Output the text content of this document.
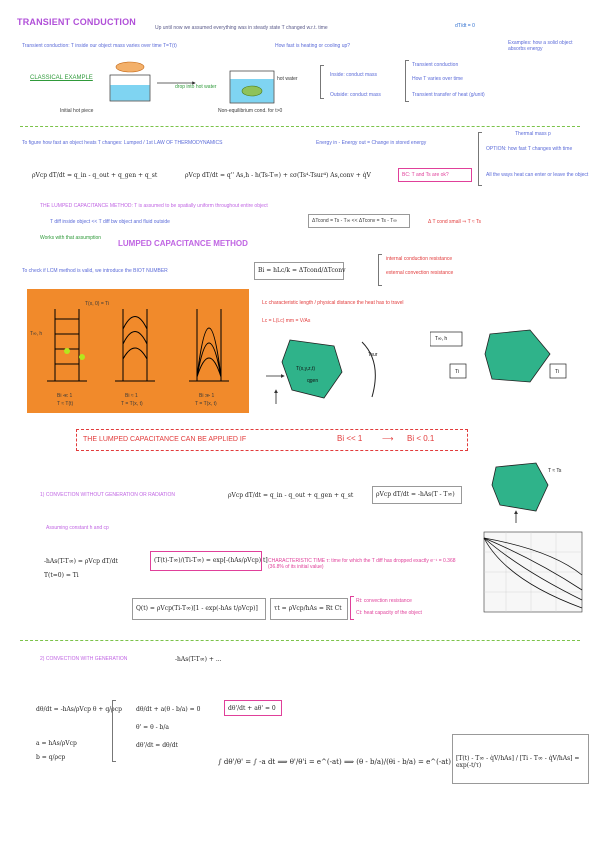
TRANSIENT CONDUCTION
Up until now we assumed everything was in steady state T changed w.r.t. time	dT/dt = 0
Transient conduction: T inside our object mass varies over time T=T(t)	How fast is heating or cooling up?	Examples: how a solid object absorbs energy
CLASSICAL EXAMPLE
drop into hot water
hot water
Initial hot piece	Non-equilibrium cond. for t>0
Inside: conduct mass
Outside: conduct mass
Transient conduction
How T varies over time
Transient transfer of heat (g/unit)
To figure how fast an object heats T changes: Lumped / 1st LAW OF THERMODYNAMICS	Energy in - Energy out = Change in stored energy
Thermal mass p
OPTION: how fast T changes with time
All the ways heat can enter or leave the object
ρVcp dT/dt = q_in - q_out + q_gen + q_st	ρVcp dT/dt = q'' As,h - h(Ts-T∞) + εσ(Ts⁴-Tsur⁴) As,conv + q̇V	BC: T and Ts are ok?
THE LUMPED CAPACITANCE METHOD: T is assumed to be spatially uniform throughout entire object
T diff inside object << T diff bw object and fluid outside	ΔTcond = Ts - T∞ << ΔTconv = Ts - T∞	Δ T cond small ⇒ T ≈ Ts
Works with that assumption
LUMPED CAPACITANCE METHOD
To check if LCM method is valid, we introduce the BIOT NUMBER	Bi = hLc/k = ΔTcond/ΔTconv
internal conduction resistance
external convection resistance
Bi ≪ 1
T ≈ T(t)
Bi ≈ 1
T = T(x, t)
Bi ≫ 1
T = T(x, t)
T∞, h
T(x, 0) = Ti	Lc characteristic length / physical distance the heat has to travel
Lc = L(Lc) mm = V/As
T(x,y,z,t)
qgen
Tsur
T∞, h
Ti	Ti
THE LUMPED CAPACITANCE CAN BE APPLIED IF	Bi << 1 ⟶ Bi < 0.1
T ≈ Ts
1) CONVECTION WITHOUT GENERATION OR RADIATION	ρVcp dT/dt = q_in - q_out + q_gen + q_st	ρVcp dT/dt = -hAs(T - T∞)
Assuming constant h and cp
-hAs(T-T∞) = ρVcp dT/dt
T(t=0) = Ti
(T(t)-T∞)/(Ti-T∞) = exp[-(hAs/ρVcp) t] CHARACTERISTIC TIME τ: time for which the T diff has dropped exactly e⁻¹ = 0.368 (36.8% of its initial value)
Q(t) = ρVcp(Ti-T∞)[1 - exp(-hAs t/ρVcp)]	τt = ρVcp/hAs = Rt Ct
Rt: convection resistance
Ct: heat capacity of the object
2) CONVECTION WITH GENERATION	-hAs(T-T∞) + ...
dθ/dt = -hAs/ρVcp θ + q/ρcp
a = hAs/ρVcp
b = q/ρcp
dθ/dt + a(θ - b/a) = 0
θ' = θ - b/a
dθ'/dt = dθ/dt
dθ'/dt + aθ' = 0
∫ dθ'/θ' = ∫ -a dt ⟹ θ'/θ'i = e^(-at) ⟹ (θ - b/a)/(θi - b/a) = e^(-at) [T(t) - T∞ - q̇V/hAs] / [Ti - T∞ - q̇V/hAs] = exp(-t/τ)
